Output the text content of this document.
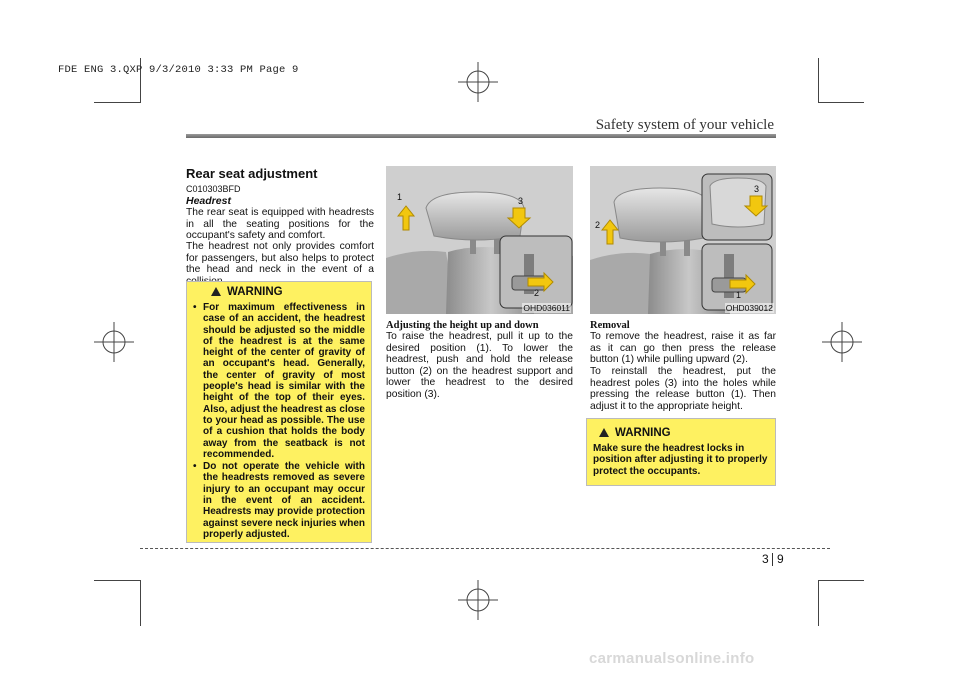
FDE ENG 3.QXP 9/3/2010 3:33 PM Page 9
Safety system of your vehicle
Rear seat adjustment
C010303BFD
Headrest
The rear seat is equipped with headrests in all the seating positions for the occupant's safety and comfort.
The headrest not only provides comfort for passengers, but also helps to protect the head and neck in the event of a
WARNING
• For maximum effectiveness in case of an accident, the headrest should be adjusted so the middle of the headrest is at the same height of the center of gravity of an occupant's head. Generally, the center of gravity of most people's head is similar with the height of the top of their eyes. Also, adjust the headrest as close to your head as possible. The use of a cushion that holds the body away from the seatback is not recommended.
• Do not operate the vehicle with the headrests removed as severe injury to an occupant may occur in the event of an accident. Headrests may provide protection against severe neck injuries when properly adjusted.
1
2
3
OHD036011
1
2
3
OHD039012
Adjusting the height up and down
To raise the headrest, pull it up to the desired position (1). To lower the headrest, push and hold the release button (2) on the headrest support and lower the headrest to the desired position (3).
Removal
To remove the headrest, raise it as far as it can go then press the release button (1) while pulling upward (2).
To reinstall the headrest, put the headrest poles (3) into the holes while pressing the release button (1). Then adjust it to the appropriate height.
WARNING
Make sure the headrest locks in position after adjusting it to properly protect the occupants.
3 9
carmanualsonline.info
